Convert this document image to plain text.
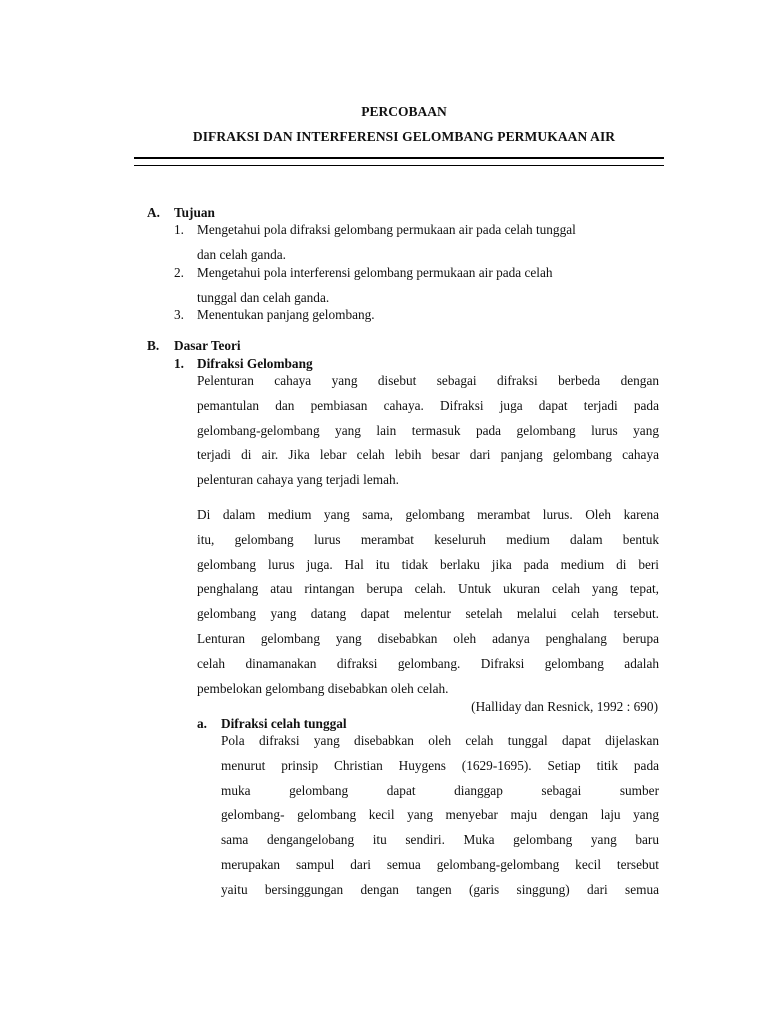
PERCOBAAN
DIFRAKSI DAN INTERFERENSI GELOMBANG PERMUKAAN AIR
A. Tujuan
1. Mengetahui pola difraksi gelombang permukaan air pada celah tunggal
dan celah ganda.
2. Mengetahui pola interferensi gelombang permukaan air pada celah
tunggal dan celah ganda.
3. Menentukan panjang gelombang.
B. Dasar Teori
1. Difraksi Gelombang
Pelenturan cahaya yang disebut sebagai difraksi berbeda dengan
pemantulan dan pembiasan cahaya. Difraksi juga dapat terjadi pada
gelombang-gelombang yang lain termasuk pada gelombang lurus yang
terjadi di air. Jika lebar celah lebih besar dari panjang gelombang cahaya
pelenturan cahaya yang terjadi lemah.
Di dalam medium yang sama, gelombang merambat lurus. Oleh karena
itu, gelombang lurus merambat keseluruh medium dalam bentuk
gelombang lurus juga. Hal itu tidak berlaku jika pada medium di beri
penghalang atau rintangan berupa celah. Untuk ukuran celah yang tepat,
gelombang yang datang dapat melentur setelah melalui celah tersebut.
Lenturan gelombang yang disebabkan oleh adanya penghalang berupa
celah dinamanakan difraksi gelombang. Difraksi gelombang adalah
pembelokan gelombang disebabkan oleh celah.
(Halliday dan Resnick, 1992 : 690)
a. Difraksi celah tunggal
Pola difraksi yang disebabkan oleh celah tunggal dapat dijelaskan
menurut prinsip Christian Huygens (1629-1695). Setiap titik pada
muka gelombang dapat dianggap sebagai sumber
gelombang- gelombang kecil yang menyebar maju dengan laju yang
sama dengangelobang itu sendiri. Muka gelombang yang baru
merupakan sampul dari semua gelombang-gelombang kecil tersebut
yaitu bersinggungan dengan tangen (garis singgung) dari semua
